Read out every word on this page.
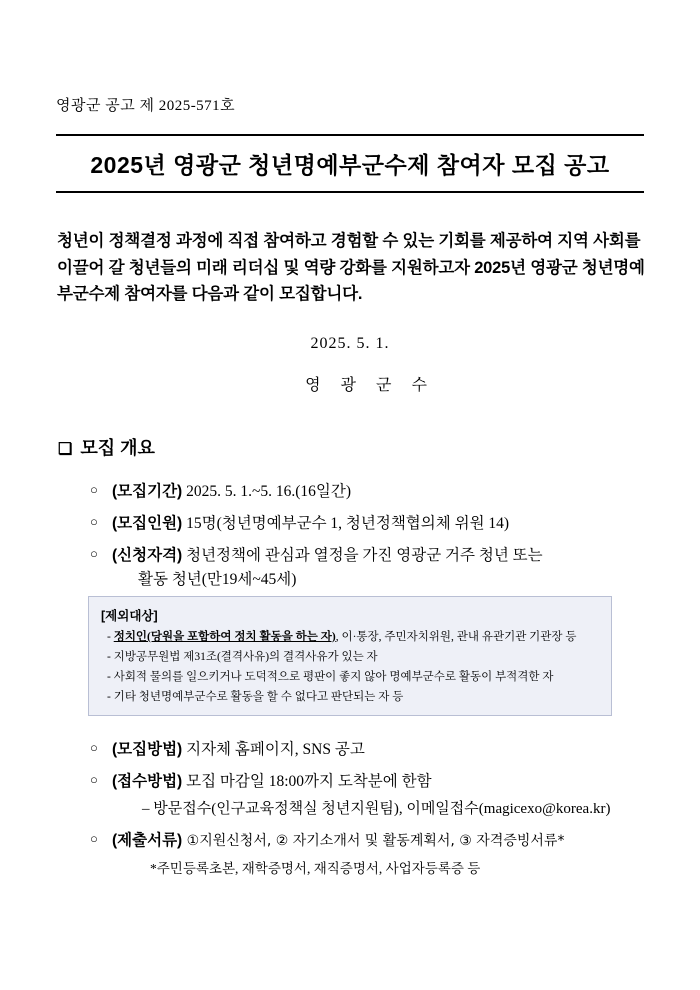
영광군 공고 제 2025-571호
2025년 영광군 청년명예부군수제 참여자 모집 공고
청년이 정책결정 과정에 직접 참여하고 경험할 수 있는 기회를 제공하여 지역 사회를 이끌어 갈 청년들의 미래 리더십 및 역량 강화를 지원하고자 2025년 영광군 청년명예부군수제 참여자를 다음과 같이 모집합니다.
2025. 5. 1.
영 광 군 수
❏ 모집 개요
○ (모집기간) 2025. 5. 1.~5. 16.(16일간)
○ (모집인원) 15명(청년명예부군수 1, 청년정책협의체 위원 14)
○ (신청자격) 청년정책에 관심과 열정을 가진 영광군 거주 청년 또는
활동 청년(만19세~45세)
[제외대상]
- 정치인(당원을 포함하여 정치 활동을 하는 자), 이·통장, 주민자치위원, 관내 유관기관 기관장 등
- 지방공무원법 제31조(결격사유)의 결격사유가 있는 자
- 사회적 물의를 일으키거나 도덕적으로 평판이 좋지 않아 명예부군수로 활동이 부적격한 자
- 기타 청년명예부군수로 활동을 할 수 없다고 판단되는 자 등
○ (모집방법) 지자체 홈페이지, SNS 공고
○ (접수방법) 모집 마감일 18:00까지 도착분에 한함
– 방문접수(인구교육정책실 청년지원팀), 이메일접수(magicexo@korea.kr)
○ (제출서류) ①지원신청서, ② 자기소개서 및 활동계획서, ③ 자격증빙서류*
*주민등록초본, 재학증명서, 재직증명서, 사업자등록증 등
